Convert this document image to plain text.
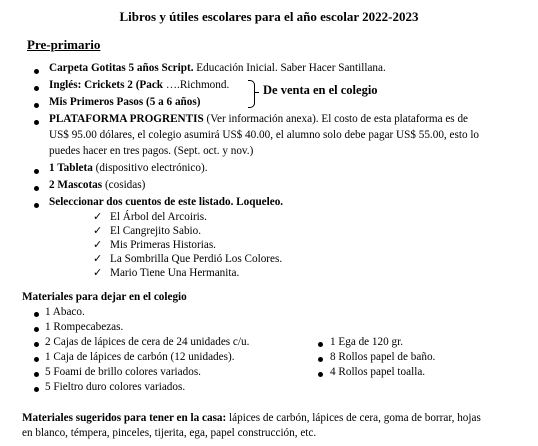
Libros y útiles escolares para el año escolar 2022-2023
Pre-primario
Carpeta Gotitas 5 años Script. Educación Inicial. Saber Hacer Santillana.
Inglés: Crickets 2 (Pack ….Richmond.
Mis Primeros Pasos (5 a 6 años)
De venta en el colegio
PLATAFORMA PROGRENTIS (Ver información anexa). El costo de esta plataforma es de
US$ 95.00 dólares, el colegio asumirá US$ 40.00, el alumno solo debe pagar US$ 55.00, esto lo
puedes hacer en tres pagos. (Sept. oct. y nov.)
1 Tableta (dispositivo electrónico).
2 Mascotas (cosidas)
Seleccionar dos cuentos de este listado. Loqueleo.
✓ El Árbol del Arcoiris.
✓ El Cangrejito Sabio.
✓ Mis Primeras Historias.
✓ La Sombrilla Que Perdió Los Colores.
✓ Mario Tiene Una Hermanita.
Materiales para dejar en el colegio
1 Abaco.
1 Rompecabezas.
2 Cajas de lápices de cera de 24 unidades c/u.
1 Caja de lápices de carbón (12 unidades).
5 Foami de brillo colores variados.
5 Fieltro duro colores variados.
1 Ega de 120 gr.
8 Rollos papel de baño.
4 Rollos papel toalla.
Materiales sugeridos para tener en la casa: lápices de carbón, lápices de cera, goma de borrar, hojas
en blanco, témpera, pinceles, tijerita, ega, papel construcción, etc.
